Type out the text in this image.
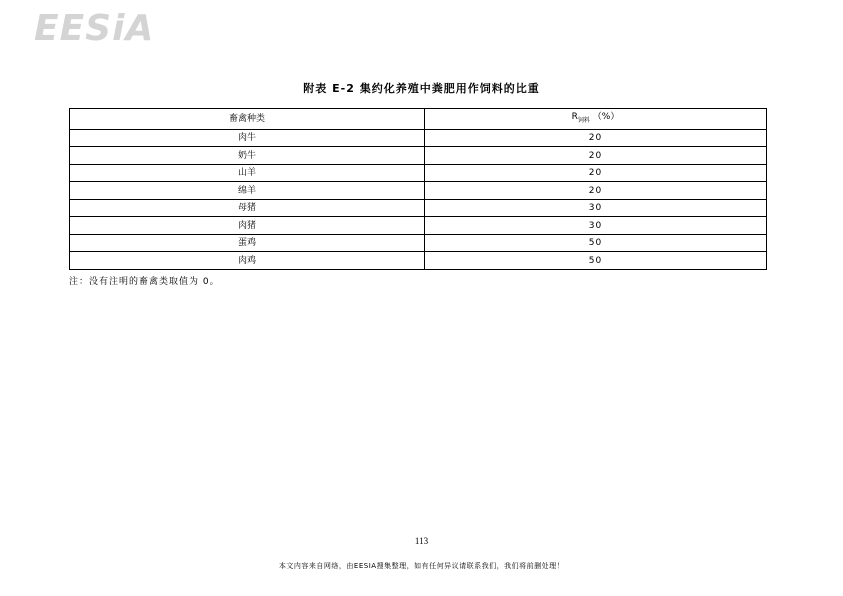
EESiA
附表 E-2 集约化养殖中粪肥用作饲料的比重
畜禽种类	$R_{饲料}$ （%）
肉牛	20
奶牛	20
山羊	20
绵羊	20
母猪	30
肉猪	30
蛋鸡	50
肉鸡	50
注：没有注明的畜禽类取值为 0。
113
本文内容来自网络，由EESIA搜集整理，如有任何异议请联系我们，我们将前删处理！
